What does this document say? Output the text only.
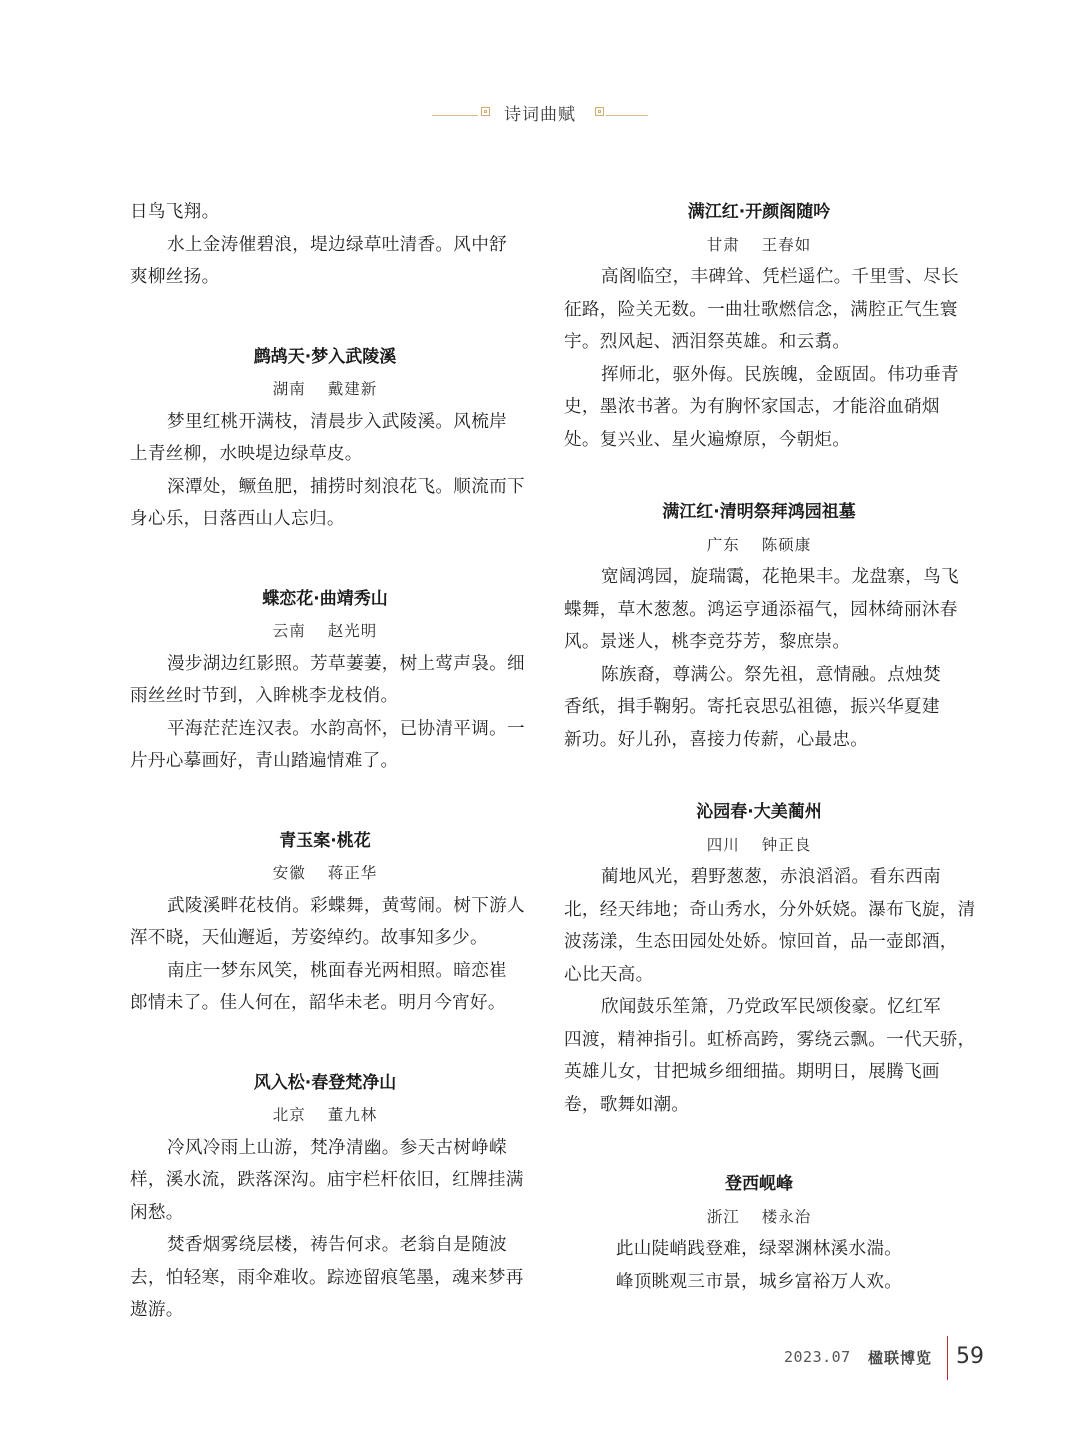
诗词曲赋
日鸟飞翔。
水上金涛催碧浪，堤边绿草吐清香。风中舒
爽柳丝扬。
鹧鸪天·梦入武陵溪
湖南 戴建新
梦里红桃开满枝，清晨步入武陵溪。风梳岸
上青丝柳，水映堤边绿草皮。
深潭处，鳜鱼肥，捕捞时刻浪花飞。顺流而下
身心乐，日落西山人忘归。
蝶恋花·曲靖秀山
云南 赵光明
漫步湖边红影照。芳草萋萋，树上莺声袅。细
雨丝丝时节到，入眸桃李龙枝俏。
平海茫茫连汉表。水韵高怀，已协清平调。一
片丹心摹画好，青山踏遍情难了。
青玉案·桃花
安徽 蒋正华
武陵溪畔花枝俏。彩蝶舞，黄莺闹。树下游人
浑不晓，天仙邂逅，芳姿绰约。故事知多少。
南庄一梦东风笑，桃面春光两相照。暗恋崔
郎情未了。佳人何在，韶华未老。明月今宵好。
风入松·春登梵净山
北京 董九林
冷风冷雨上山游，梵净清幽。参天古树峥嵘
样，溪水流，跌落深沟。庙宇栏杆依旧，红牌挂满
闲愁。
焚香烟雾绕层楼，祷告何求。老翁自是随波
去，怕轻寒，雨伞难收。踪迹留痕笔墨，魂来梦再
遨游。
满江红·开颜阁随吟
甘肃 王春如
高阁临空，丰碑耸、凭栏遥伫。千里雪、尽长
征路，险关无数。一曲壮歌燃信念，满腔正气生寰
宇。烈风起、洒泪祭英雄。和云翥。
挥师北，驱外侮。民族魄，金瓯固。伟功垂青
史，墨浓书著。为有胸怀家国志，才能浴血硝烟
处。复兴业、星火遍燎原，今朝炬。
满江红·清明祭拜鸿园祖墓
广东 陈硕康
宽阔鸿园，旋瑞霭，花艳果丰。龙盘寨，鸟飞
蝶舞，草木葱葱。鸿运亨通添福气，园林绮丽沐春
风。景迷人，桃李竞芬芳，黎庶崇。
陈族裔，尊满公。祭先祖，意情融。点烛焚
香纸，揖手鞠躬。寄托哀思弘祖德，振兴华夏建
新功。好儿孙，喜接力传薪，心最忠。
沁园春·大美蔺州
四川 钟正良
蔺地风光，碧野葱葱，赤浪滔滔。看东西南
北，经天纬地；奇山秀水，分外妖娆。瀑布飞旋，清
波荡漾，生态田园处处娇。惊回首，品一壶郎酒，
心比天高。
欣闻鼓乐笙箫，乃党政军民颂俊豪。忆红军
四渡，精神指引。虹桥高跨，雾绕云飘。一代天骄，
英雄儿女，甘把城乡细细描。期明日，展腾飞画
卷，歌舞如潮。
登西岘峰
浙江 楼永治
此山陡峭践登难，绿翠渊林溪水湍。
峰顶眺观三市景，城乡富裕万人欢。
2023.07 楹联博览 59
